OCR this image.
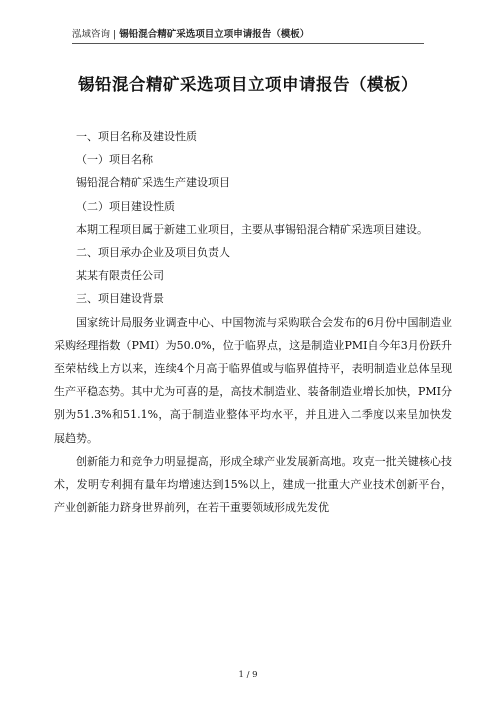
泓域咨询 | 锡铅混合精矿采选项目立项申请报告（模板）
锡铅混合精矿采选项目立项申请报告（模板）

一、项目名称及建设性质

（一）项目名称

锡铅混合精矿采选生产建设项目

（二）项目建设性质

本期工程项目属于新建工业项目，主要从事锡铅混合精矿采选项目建设。

二、项目承办企业及项目负责人

某某有限责任公司

三、项目建设背景

国家统计局服务业调查中心、中国物流与采购联合会发布的6月份中国制造业采购经理指数（PMI）为50.0%，位于临界点，这是制造业PMI自今年3月份跃升至荣枯线上方以来，连续4个月高于临界值或与临界值持平，表明制造业总体呈现生产平稳态势。其中尤为可喜的是，高技术制造业、装备制造业增长加快，PMI分别为51.3%和51.1%，高于制造业整体平均水平，并且进入二季度以来呈加快发展趋势。

创新能力和竞争力明显提高，形成全球产业发展新高地。攻克一批关键核心技术，发明专利拥有量年均增速达到15%以上，建成一批重大产业技术创新平台，产业创新能力跻身世界前列，在若干重要领域形成先发优

1 / 9
